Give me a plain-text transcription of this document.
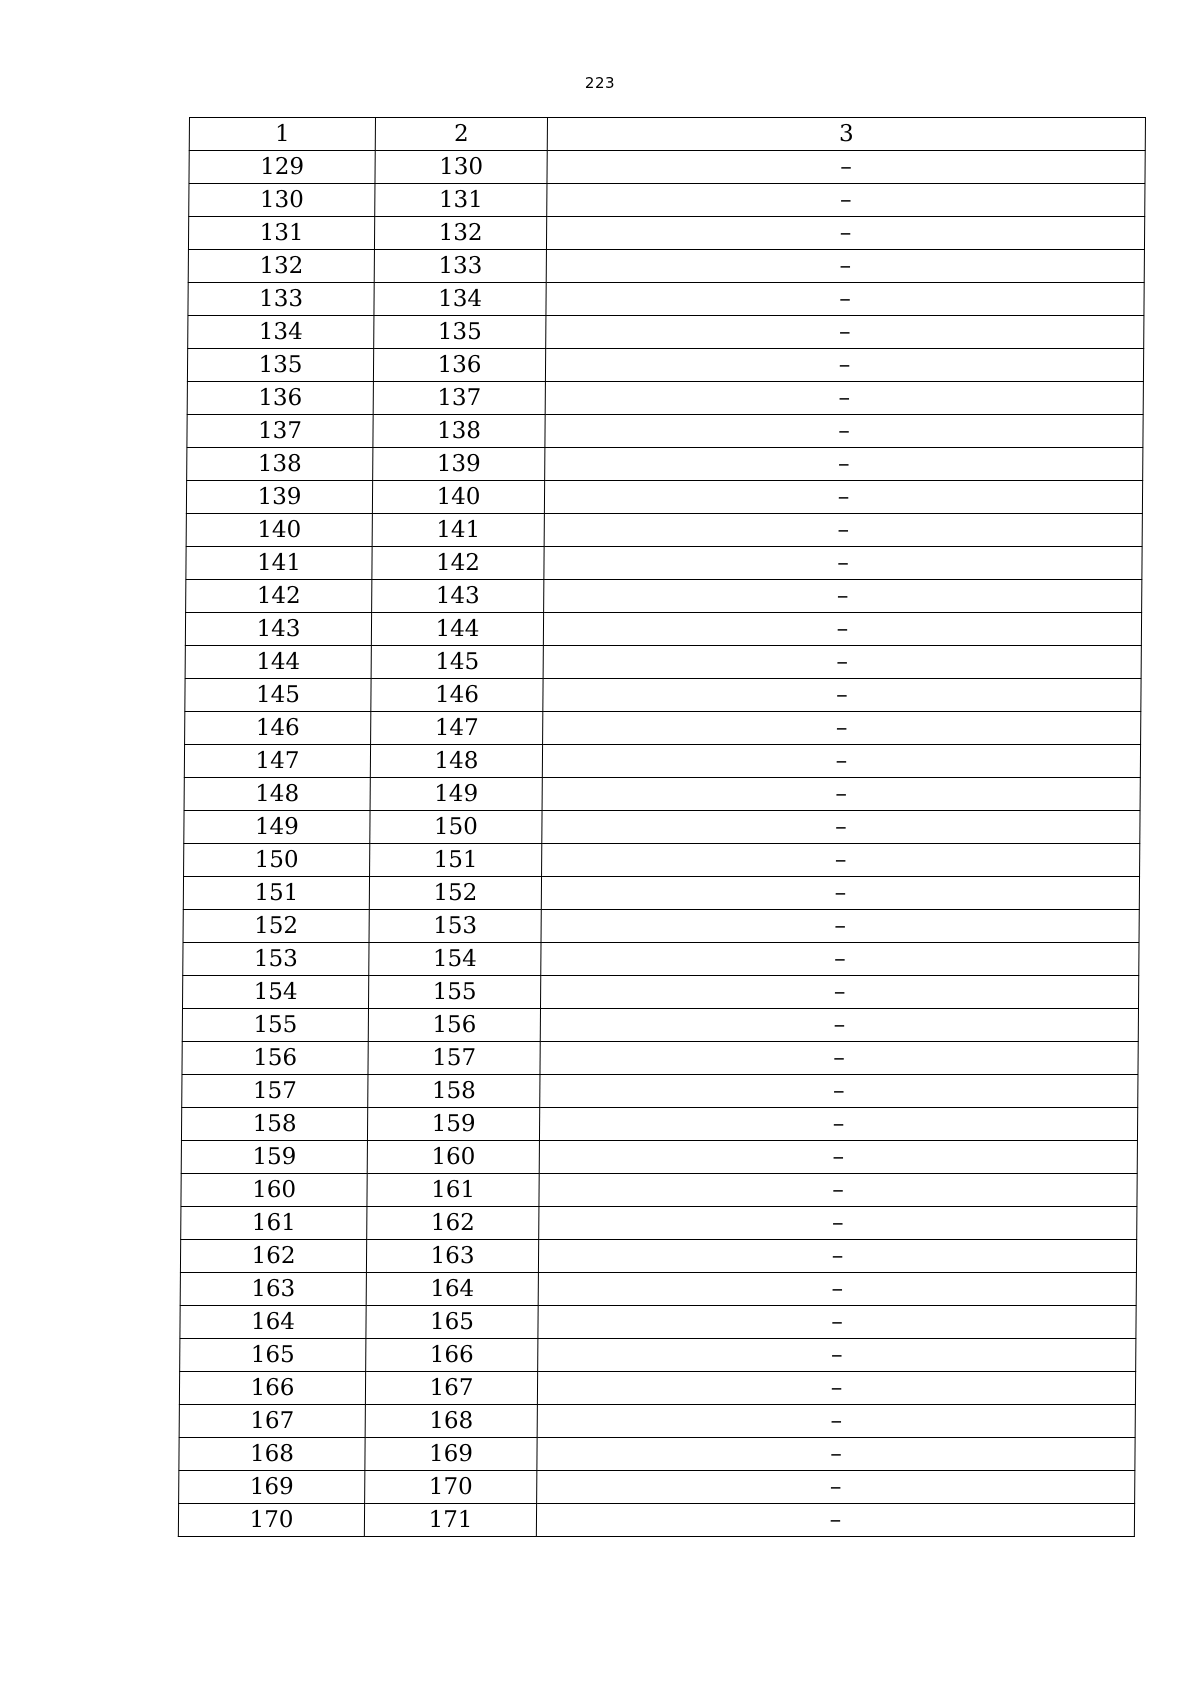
223
1	2	3
129	130	–
130	131	–
131	132	–
132	133	–
133	134	–
134	135	–
135	136	–
136	137	–
137	138	–
138	139	–
139	140	–
140	141	–
141	142	–
142	143	–
143	144	–
144	145	–
145	146	–
146	147	–
147	148	–
148	149	–
149	150	–
150	151	–
151	152	–
152	153	–
153	154	–
154	155	–
155	156	–
156	157	–
157	158	–
158	159	–
159	160	–
160	161	–
161	162	–
162	163	–
163	164	–
164	165	–
165	166	–
166	167	–
167	168	–
168	169	–
169	170	–
170	171	–
